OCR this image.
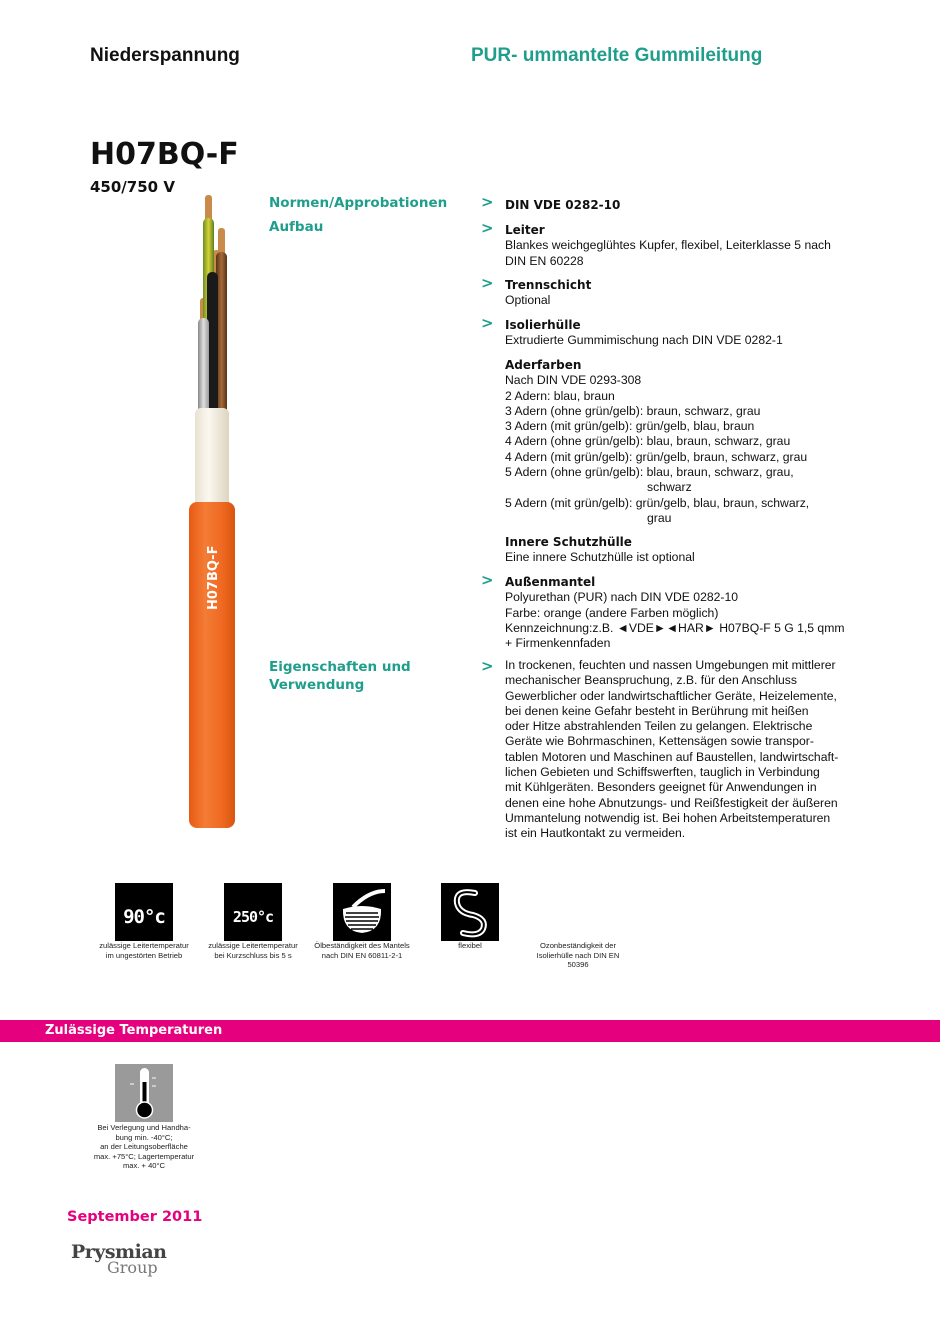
Niederspannung	PUR- ummantelte Gummileitung
H07BQ-F
450/750 V
H07BQ-F
Normen/Approbationen
Aufbau
Eigenschaften und
Verwendung
>
>
>
>
>
>
DIN VDE 0282-10
Leiter
Blankes weichgeglühtes Kupfer, flexibel, Leiterklasse 5 nach
DIN EN 60228
Trennschicht
Optional
Isolierhülle
Extrudierte Gummimischung nach DIN VDE 0282-1
Aderfarben
Nach DIN VDE 0293-308
2 Adern: blau, braun
3 Adern (ohne grün/gelb): braun, schwarz, grau
3 Adern (mit grün/gelb): grün/gelb, blau, braun
4 Adern (ohne grün/gelb): blau, braun, schwarz, grau
4 Adern (mit grün/gelb): grün/gelb, braun, schwarz, grau
5 Adern (ohne grün/gelb): blau, braun, schwarz, grau,
schwarz
5 Adern (mit grün/gelb): grün/gelb, blau, braun, schwarz,
grau
Innere Schutzhülle
Eine innere Schutzhülle ist optional
Außenmantel
Polyurethan (PUR) nach DIN VDE 0282-10
Farbe: orange (andere Farben möglich)
Kennzeichnung:z.B. ◄VDE►◄HAR► H07BQ-F 5 G 1,5 qmm
+ Firmenkennfaden
In trockenen, feuchten und nassen Umgebungen mit mittlerer
mechanischer Beanspruchung, z.B. für den Anschluss
Gewerblicher oder landwirtschaftlicher Geräte, Heizelemente,
bei denen keine Gefahr besteht in Berührung mit heißen
oder Hitze abstrahlenden Teilen zu gelangen. Elektrische
Geräte wie Bohrmaschinen, Kettensägen sowie transpor-
tablen Motoren und Maschinen auf Baustellen, landwirtschaft-
lichen Gebieten und Schiffswerften, tauglich in Verbindung
mit Kühlgeräten. Besonders geeignet für Anwendungen in
denen eine hohe Abnutzungs- und Reißfestigkeit der äußeren
Ummantelung notwendig ist. Bei hohen Arbeitstemperaturen
ist ein Hautkontakt zu vermeiden.
90°c
zulässige Leitertemperatur
im ungestörten Betrieb
250°c
zulässige Leitertemperatur
bei Kurzschluss bis 5 s
Ölbeständigkeit des Mantels
nach DIN EN 60811-2-1
flexibel	Ozonbeständigkeit der
Isolierhülle nach DIN EN
50396
Zulässige Temperaturen
Bei Verlegung und Handha-
bung min. -40°C;
an der Leitungsoberfläche
max. +75°C; Lagertemperatur
max. + 40°C
September 2011
Prysmian
Group
